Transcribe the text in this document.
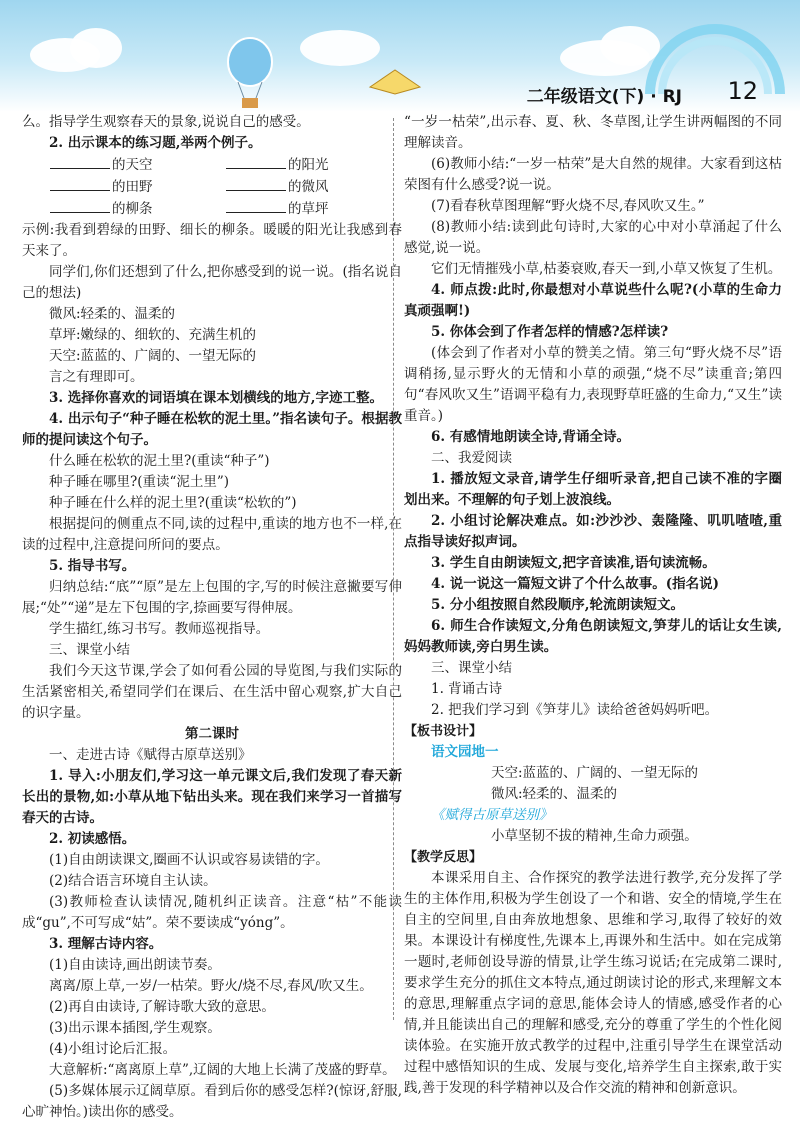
二年级语文(下) · RJ 12

么。指导学生观察春天的景象,说说自己的感受。

2. 出示课本的练习题,举两个例子。

的天空	的阳光
的田野	的微风
的柳条	的草坪

示例:我看到碧绿的田野、细长的柳条。暖暖的阳光让我感到春天来了。

同学们,你们还想到了什么,把你感受到的说一说。(指名说自己的想法)

微风:轻柔的、温柔的

草坪:嫩绿的、细软的、充满生机的

天空:蓝蓝的、广阔的、一望无际的

言之有理即可。

3. 选择你喜欢的词语填在课本划横线的地方,字迹工整。

4. 出示句子“种子睡在松软的泥土里。”指名读句子。根据教师的提问读这个句子。

什么睡在松软的泥土里?(重读“种子”)

种子睡在哪里?(重读“泥土里”)

种子睡在什么样的泥土里?(重读“松软的”)

根据提问的侧重点不同,读的过程中,重读的地方也不一样,在读的过程中,注意提问所问的要点。

5. 指导书写。

归纳总结:“底”“原”是左上包围的字,写的时候注意撇要写伸展;“处”“递”是左下包围的字,捺画要写得伸展。

学生描红,练习书写。教师巡视指导。

三、课堂小结

我们今天这节课,学会了如何看公园的导览图,与我们实际的生活紧密相关,希望同学们在课后、在生活中留心观察,扩大自己的识字量。

第二课时

一、走进古诗《赋得古原草送别》

1. 导入:小朋友们,学习这一单元课文后,我们发现了春天新长出的景物,如:小草从地下钻出头来。现在我们来学习一首描写春天的古诗。

2. 初读感悟。

(1)自由朗读课文,圈画不认识或容易读错的字。

(2)结合语言环境自主认读。

(3)教师检查认读情况,随机纠正读音。注意“枯”不能读成“gu”,不可写成“姑”。荣不要读成“yóng”。

3. 理解古诗内容。

(1)自由读诗,画出朗读节奏。

离离/原上草,一岁/一枯荣。野火/烧不尽,春风/吹又生。

(2)再自由读诗,了解诗歌大致的意思。

(3)出示课本插图,学生观察。

(4)小组讨论后汇报。

大意解析:“离离原上草”,辽阔的大地上长满了茂盛的野草。

(5)多媒体展示辽阔草原。看到后你的感受怎样?(惊讶,舒服,心旷神怡。)读出你的感受。

“一岁一枯荣”,出示春、夏、秋、冬草图,让学生讲两幅图的不同理解读音。

(6)教师小结:“一岁一枯荣”是大自然的规律。大家看到这枯荣图有什么感受?说一说。

(7)看春秋草图理解“野火烧不尽,春风吹又生。”

(8)教师小结:读到此句诗时,大家的心中对小草涌起了什么感觉,说一说。

它们无情摧残小草,枯萎衰败,春天一到,小草又恢复了生机。

4. 师点拨:此时,你最想对小草说些什么呢?(小草的生命力真顽强啊!)

5. 你体会到了作者怎样的情感?怎样读?

(体会到了作者对小草的赞美之情。第三句“野火烧不尽”语调稍扬,显示野火的无情和小草的顽强,“烧不尽”读重音;第四句“春风吹又生”语调平稳有力,表现野草旺盛的生命力,“又生”读重音。)

6. 有感情地朗读全诗,背诵全诗。

二、我爱阅读

1. 播放短文录音,请学生仔细听录音,把自己读不准的字圈划出来。不理解的句子划上波浪线。

2. 小组讨论解决难点。如:沙沙沙、轰隆隆、叽叽喳喳,重点指导读好拟声词。

3. 学生自由朗读短文,把字音读准,语句读流畅。

4. 说一说这一篇短文讲了个什么故事。(指名说)

5. 分小组按照自然段顺序,轮流朗读短文。

6. 师生合作读短文,分角色朗读短文,笋芽儿的话让女生读,妈妈教师读,旁白男生读。

三、课堂小结

1. 背诵古诗

2. 把我们学习到《笋芽儿》读给爸爸妈妈听吧。

【板书设计】

语文园地一

天空:蓝蓝的、广阔的、一望无际的

微风:轻柔的、温柔的

《赋得古原草送别》

小草坚韧不拔的精神,生命力顽强。

【教学反思】

本课采用自主、合作探究的教学法进行教学,充分发挥了学生的主体作用,积极为学生创设了一个和谐、安全的情境,学生在自主的空间里,自由奔放地想象、思维和学习,取得了较好的效果。本课设计有梯度性,先课本上,再课外和生活中。如在完成第一题时,老师创设导游的情景,让学生练习说话;在完成第二课时,要求学生充分的抓住文本特点,通过朗读讨论的形式,来理解文本的意思,理解重点字词的意思,能体会诗人的情感,感受作者的心情,并且能读出自己的理解和感受,充分的尊重了学生的个性化阅读体验。在实施开放式教学的过程中,注重引导学生在课堂活动过程中感悟知识的生成、发展与变化,培养学生自主探索,敢于实践,善于发现的科学精神以及合作交流的精神和创新意识。
